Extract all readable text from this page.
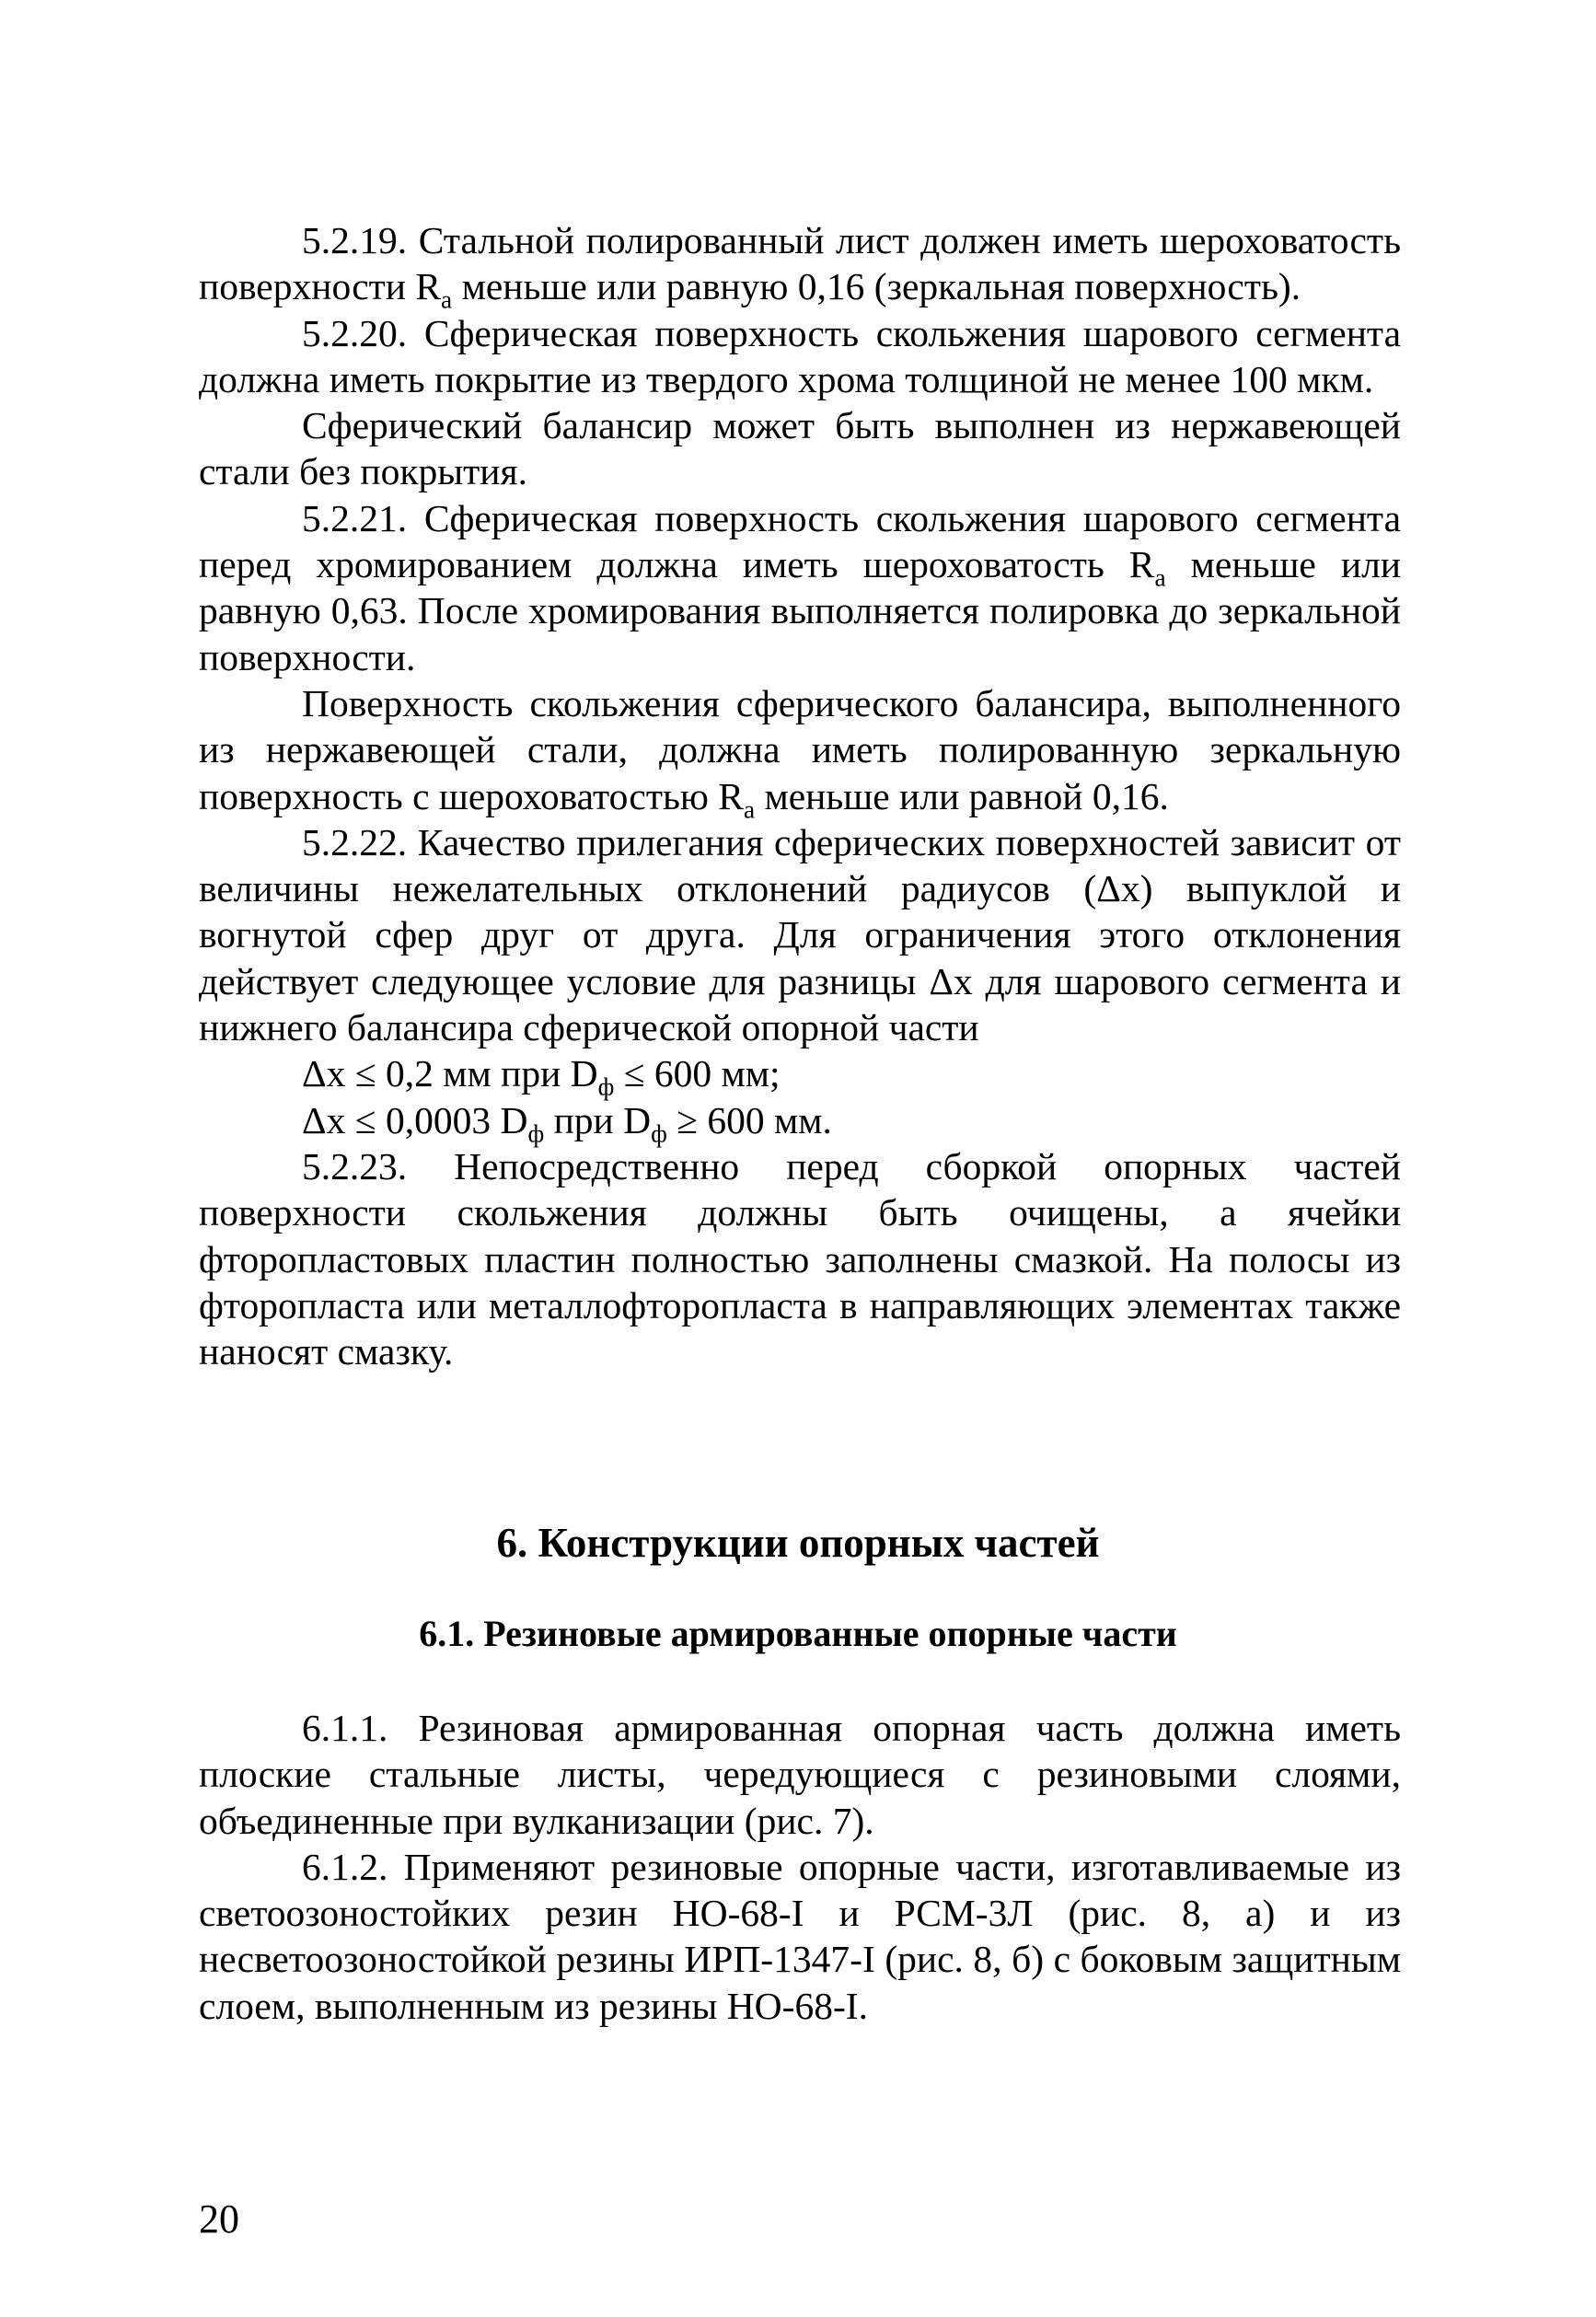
5.2.19. Стальной полированный лист должен иметь шероховатость поверхности $R_a$ меньше или равную 0,16 (зеркальная поверхность).

5.2.20. Сферическая поверхность скольжения шарового сегмента должна иметь покрытие из твердого хрома толщиной не менее 100 мкм.

Сферический балансир может быть выполнен из нержавеющей стали без покрытия.

5.2.21. Сферическая поверхность скольжения шарового сегмента перед хромированием должна иметь шероховатость $R_a$ меньше или равную 0,63. После хромирования выполняется полировка до зеркальной поверхности.

Поверхность скольжения сферического балансира, выполненного из нержавеющей стали, должна иметь полированную зеркальную поверхность с шероховатостью $R_a$ меньше или равной 0,16.

5.2.22. Качество прилегания сферических поверхностей зависит от величины нежелательных отклонений радиусов (Δx) выпуклой и вогнутой сфер друг от друга. Для ограничения этого отклонения действует следующее условие для разницы Δx для шарового сегмента и нижнего балансира сферической опорной части

Δx ≤ 0,2 мм при $D_ф \le 600$ мм;
Δx ≤ 0,0003 $D_ф$ при $D_ф \ge 600$ мм.

5.2.23. Непосредственно перед сборкой опорных частей поверхности скольжения должны быть очищены, а ячейки фторопластовых пластин полностью заполнены смазкой. На полосы из фторопласта или металлофторопласта в направляющих элементах также наносят смазку.

6. Конструкции опорных частей
6.1. Резиновые армированные опорные части

6.1.1. Резиновая армированная опорная часть должна иметь плоские стальные листы, чередующиеся с резиновыми слоями, объединенные при вулканизации (рис. 7).

6.1.2. Применяют резиновые опорные части, изготавливаемые из светоозоностойких резин НО-68-I и РСМ-3Л (рис. 8, а) и из несветоозоностойкой резины ИРП-1347-I (рис. 8, б) с боковым защитным слоем, выполненным из резины НО-68-I.

20
